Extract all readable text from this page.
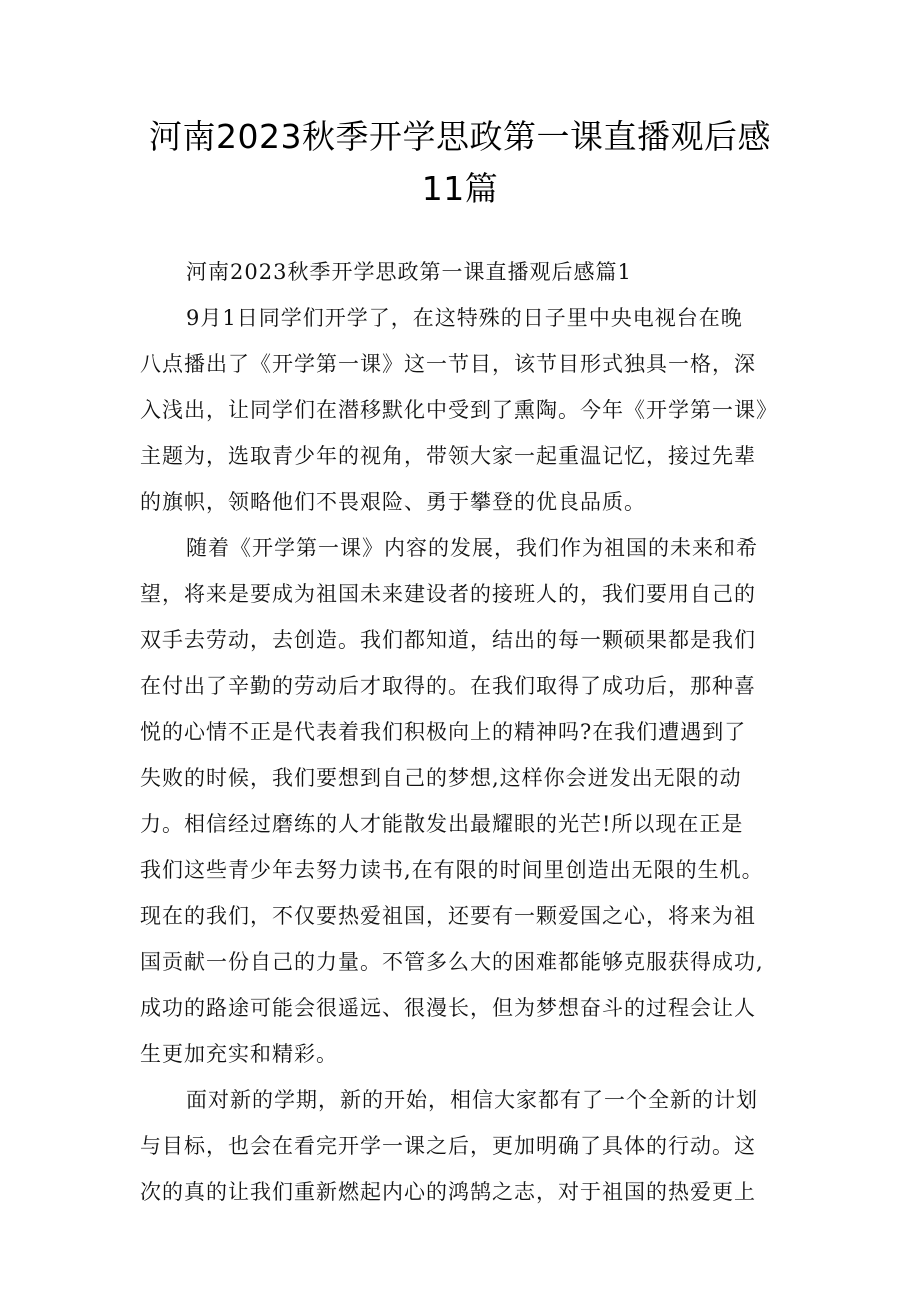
河南2023秋季开学思政第一课直播观后感
11篇
河南2023秋季开学思政第一课直播观后感篇1
9月1日同学们开学了，在这特殊的日子里中央电视台在晚
八点播出了《开学第一课》这一节目，该节目形式独具一格，深
入浅出，让同学们在潜移默化中受到了熏陶。今年《开学第一课》
主题为，选取青少年的视角，带领大家一起重温记忆，接过先辈
的旗帜，领略他们不畏艰险、勇于攀登的优良品质。
随着《开学第一课》内容的发展，我们作为祖国的未来和希
望，将来是要成为祖国未来建设者的接班人的，我们要用自己的
双手去劳动，去创造。我们都知道，结出的每一颗硕果都是我们
在付出了辛勤的劳动后才取得的。在我们取得了成功后，那种喜
悦的心情不正是代表着我们积极向上的精神吗?在我们遭遇到了
失败的时候，我们要想到自己的梦想,这样你会迸发出无限的动
力。相信经过磨练的人才能散发出最耀眼的光芒!所以现在正是
我们这些青少年去努力读书,在有限的时间里创造出无限的生机。
现在的我们，不仅要热爱祖国，还要有一颗爱国之心，将来为祖
国贡献一份自己的力量。不管多么大的困难都能够克服获得成功,
成功的路途可能会很遥远、很漫长，但为梦想奋斗的过程会让人
生更加充实和精彩。
面对新的学期，新的开始，相信大家都有了一个全新的计划
与目标，也会在看完开学一课之后，更加明确了具体的行动。这
次的真的让我们重新燃起内心的鸿鹄之志，对于祖国的热爱更上
